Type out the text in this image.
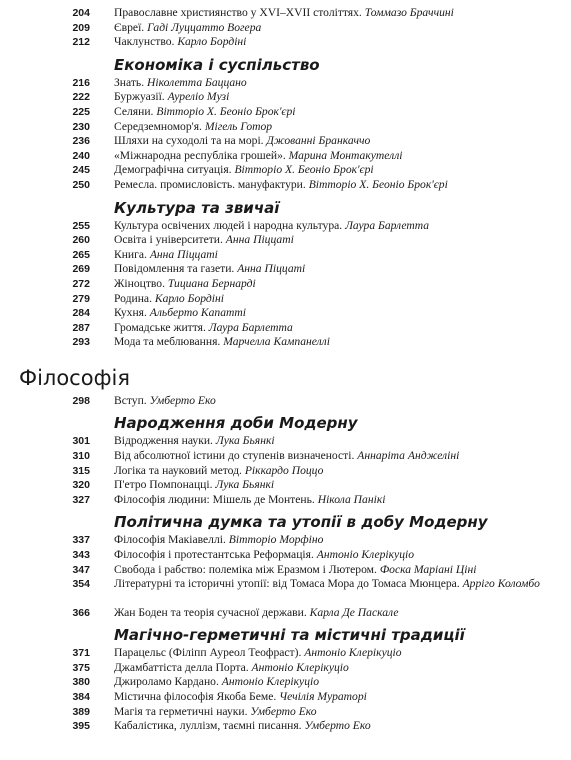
204 Православне християнство у XVI–XVII століттях. Томмазо Браччині
209 Євреї. Гаді Луццатто Вогера
212 Чаклунство. Карло Бордіні
Економіка і суспільство
216 Знать. Ніколетта Баццано
222 Буржуазії. Ауреліо Музі
225 Селяни. Вітторіо Х. Беоніо Брок'єрі
230 Середземномор'я. Мігель Готор
236 Шляхи на суходолі та на морі. Джованні Бранкаччо
240 «Міжнародна республіка грошей». Марина Монтакутеллі
245 Демографічна ситуація. Вітторіо Х. Беоніо Брок'єрі
250 Ремесла. промисловість. мануфактури. Вітторіо Х. Беоніо Брок'єрі
Культура та звичаї
255 Культура освічених людей і народна культура. Лаура Барлетта
260 Освіта і університети. Анна Піццаті
265 Книга. Анна Піццаті
269 Повідомлення та газети. Анна Піццаті
272 Жіноцтво. Тициана Бернарді
279 Родина. Карло Бордіні
284 Кухня. Альберто Капатті
287 Громадське життя. Лаура Барлетта
293 Мода та меблювання. Марчелла Кампанеллі
Філософія
298 Вступ. Умберто Еко
Народження доби Модерну
301 Відродження науки. Лука Бьянкі
310 Від абсолютної істини до ступенів визначеності. Аннаріта Анджеліні
315 Логіка та науковий метод. Ріккардо Поццо
320 П'етро Помпонацці. Лука Бьянкі
327 Філософія людини: Мішель де Монтень. Нікола Панікі
Політична думка та утопії в добу Модерну
337 Філософія Макіавеллі. Вітторіо Морфіно
343 Філософія і протестантська Реформація. Антоніо Клерікуціо
347 Свобода і рабство: полеміка між Еразмом і Лютером. Фоска Маріані Ціні
354 Літературні та історичні утопії: від Томаса Мора до Томаса Мюнцера. Арріго Коломбо
366 Жан Боден та теорія сучасної держави. Карла Де Паскале
Магічно-герметичні та містичні традиції
371 Парацельс (Філіпп Ауреол Теофраст). Антоніо Клерікуціо
375 Джамбаттіста делла Порта. Антоніо Клерікуціо
380 Джироламо Кардано. Антоніо Клерікуціо
384 Містична філософія Якоба Беме. Чечілія Мураторі
389 Магія та герметичні науки. Умберто Еко
395 Кабалістика, луллізм, таємні писання. Умберто Еко
